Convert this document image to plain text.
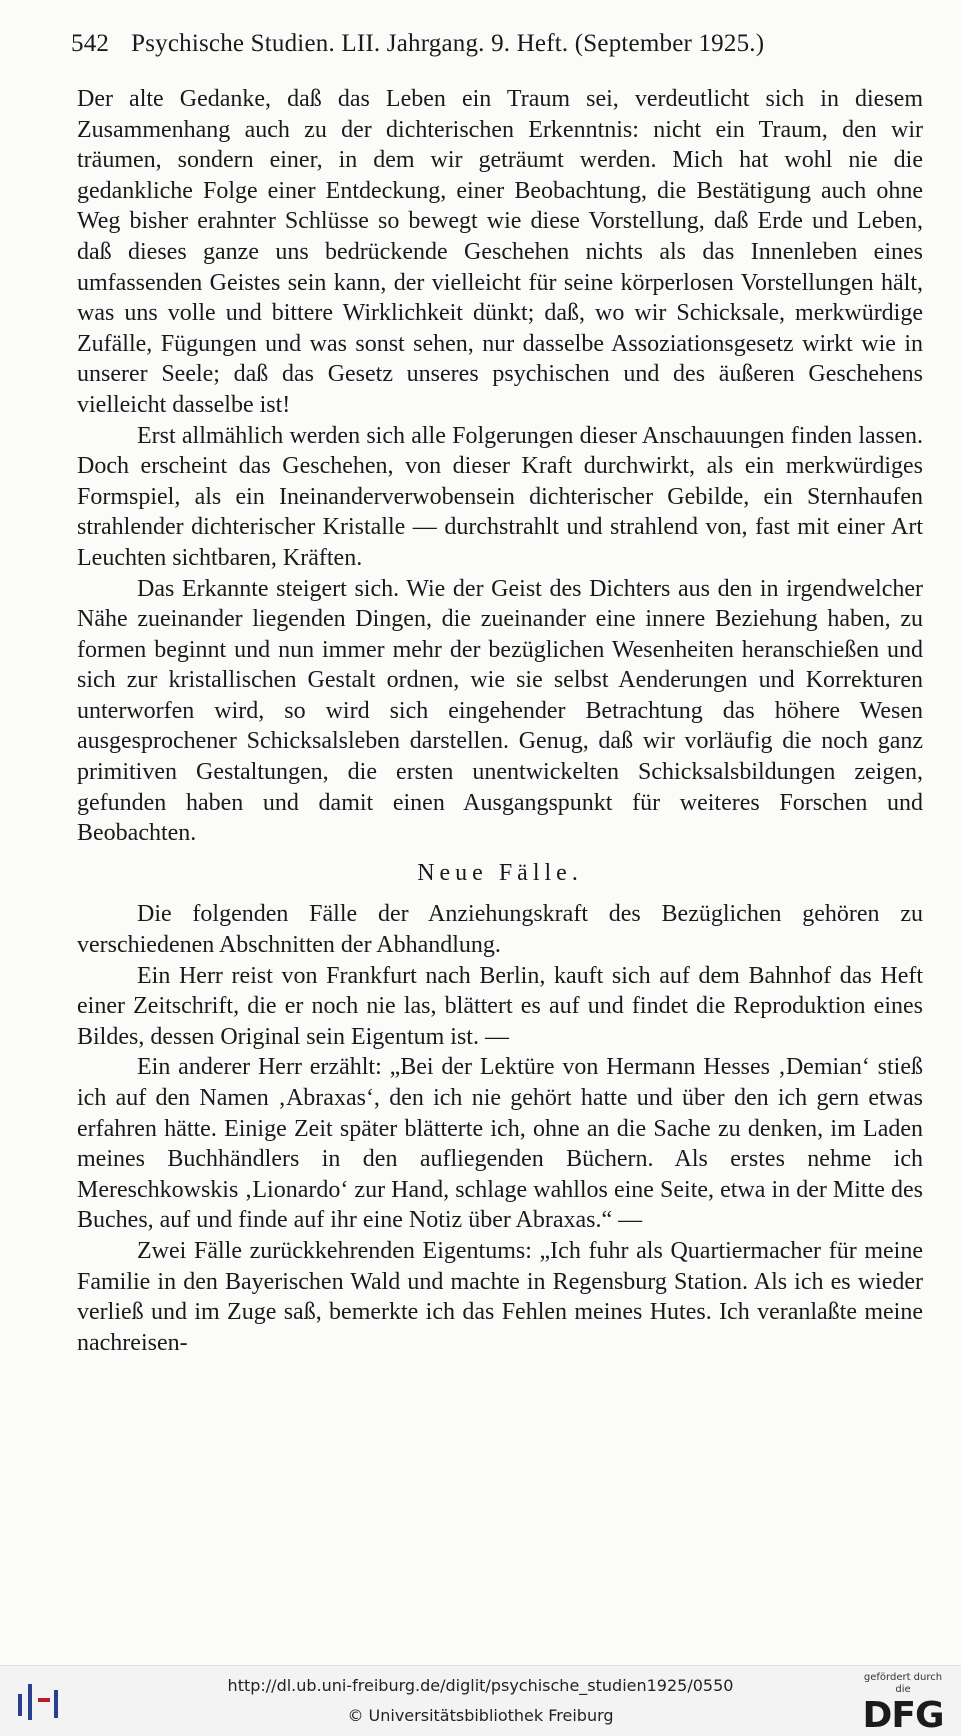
542 Psychische Studien. LII. Jahrgang. 9. Heft. (September 1925.)

Der alte Gedanke, daß das Leben ein Traum sei, verdeutlicht sich in diesem Zusammenhang auch zu der dichterischen Erkenntnis: nicht ein Traum, den wir träumen, sondern einer, in dem wir geträumt werden. Mich hat wohl nie die gedankliche Folge einer Entdeckung, einer Beobachtung, die Bestätigung auch ohne Weg bisher erahnter Schlüsse so bewegt wie diese Vorstellung, daß Erde und Leben, daß dieses ganze uns bedrückende Geschehen nichts als das Innenleben eines umfassenden Geistes sein kann, der vielleicht für seine körperlosen Vorstellungen hält, was uns volle und bittere Wirklichkeit dünkt; daß, wo wir Schicksale, merkwürdige Zufälle, Fügungen und was sonst sehen, nur dasselbe Assoziationsgesetz wirkt wie in unserer Seele; daß das Gesetz unseres psychischen und des äußeren Geschehens vielleicht dasselbe ist!

Erst allmählich werden sich alle Folgerungen dieser Anschauungen finden lassen. Doch erscheint das Geschehen, von dieser Kraft durchwirkt, als ein merkwürdiges Formspiel, als ein Ineinanderverwobensein dichterischer Gebilde, ein Sternhaufen strahlender dichterischer Kristalle — durchstrahlt und strahlend von, fast mit einer Art Leuchten sichtbaren, Kräften.

Das Erkannte steigert sich. Wie der Geist des Dichters aus den in irgendwelcher Nähe zueinander liegenden Dingen, die zueinander eine innere Beziehung haben, zu formen beginnt und nun immer mehr der bezüglichen Wesenheiten heranschießen und sich zur kristallischen Gestalt ordnen, wie sie selbst Aenderungen und Korrekturen unterworfen wird, so wird sich eingehender Betrachtung das höhere Wesen ausgesprochener Schicksalsleben darstellen. Genug, daß wir vorläufig die noch ganz primitiven Gestaltungen, die ersten unentwickelten Schicksalsbildungen zeigen, gefunden haben und damit einen Ausgangspunkt für weiteres Forschen und Beobachten.

Neue Fälle.

Die folgenden Fälle der Anziehungskraft des Bezüglichen gehören zu verschiedenen Abschnitten der Abhandlung.

Ein Herr reist von Frankfurt nach Berlin, kauft sich auf dem Bahnhof das Heft einer Zeitschrift, die er noch nie las, blättert es auf und findet die Reproduktion eines Bildes, dessen Original sein Eigentum ist. —

Ein anderer Herr erzählt: „Bei der Lektüre von Hermann Hesses ‚Demian‘ stieß ich auf den Namen ‚Abraxas‘, den ich nie gehört hatte und über den ich gern etwas erfahren hätte. Einige Zeit später blätterte ich, ohne an die Sache zu denken, im Laden meines Buchhändlers in den aufliegenden Büchern. Als erstes nehme ich Mereschkowskis ‚Lionardo‘ zur Hand, schlage wahllos eine Seite, etwa in der Mitte des Buches, auf und finde auf ihr eine Notiz über Abraxas.“ —

Zwei Fälle zurückkehrenden Eigentums: „Ich fuhr als Quartiermacher für meine Familie in den Bayerischen Wald und machte in Regensburg Station. Als ich es wieder verließ und im Zuge saß, bemerkte ich das Fehlen meines Hutes. Ich veranlaßte meine nachreisen-

http://dl.ub.uni-freiburg.de/diglit/psychische_studien1925/0550
© Universitätsbibliothek Freiburg
gefördert durch die
DFG
